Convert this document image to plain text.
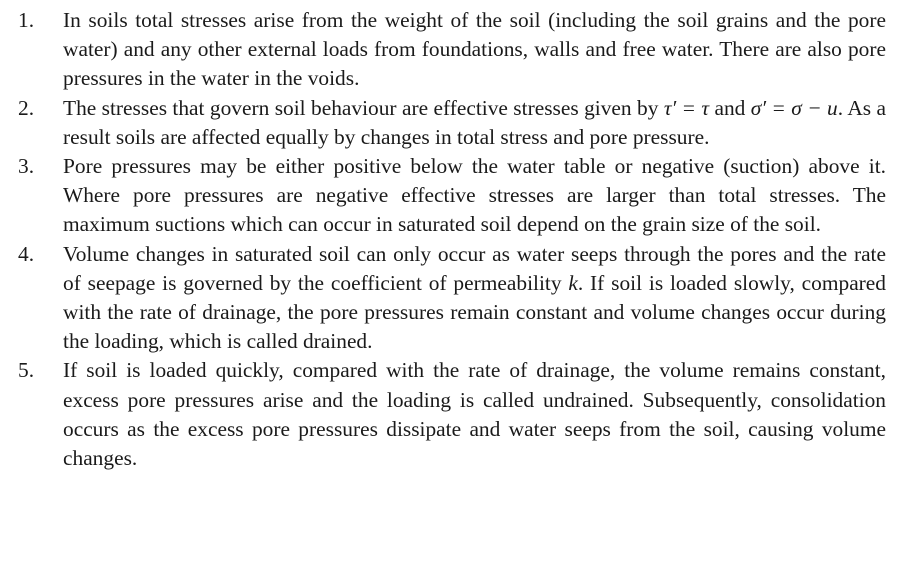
1.	In soils total stresses arise from the weight of the soil (including the soil grains and the pore water) and any other external loads from foundations, walls and free water. There are also pore pressures in the water in the voids.
2.	The stresses that govern soil behaviour are effective stresses given by τ′ = τ and σ′ = σ − u. As a result soils are affected equally by changes in total stress and pore pressure.
3.	Pore pressures may be either positive below the water table or negative (suction) above it. Where pore pressures are negative effective stresses are larger than total stresses. The maximum suctions which can occur in saturated soil depend on the grain size of the soil.
4.	Volume changes in saturated soil can only occur as water seeps through the pores and the rate of seepage is governed by the coefficient of permeability k. If soil is loaded slowly, compared with the rate of drainage, the pore pressures remain constant and volume changes occur during the loading, which is called drained.
5.	If soil is loaded quickly, compared with the rate of drainage, the volume remains constant, excess pore pressures arise and the loading is called undrained. Subsequently, consolidation occurs as the excess pore pressures dissipate and water seeps from the soil, causing volume changes.
